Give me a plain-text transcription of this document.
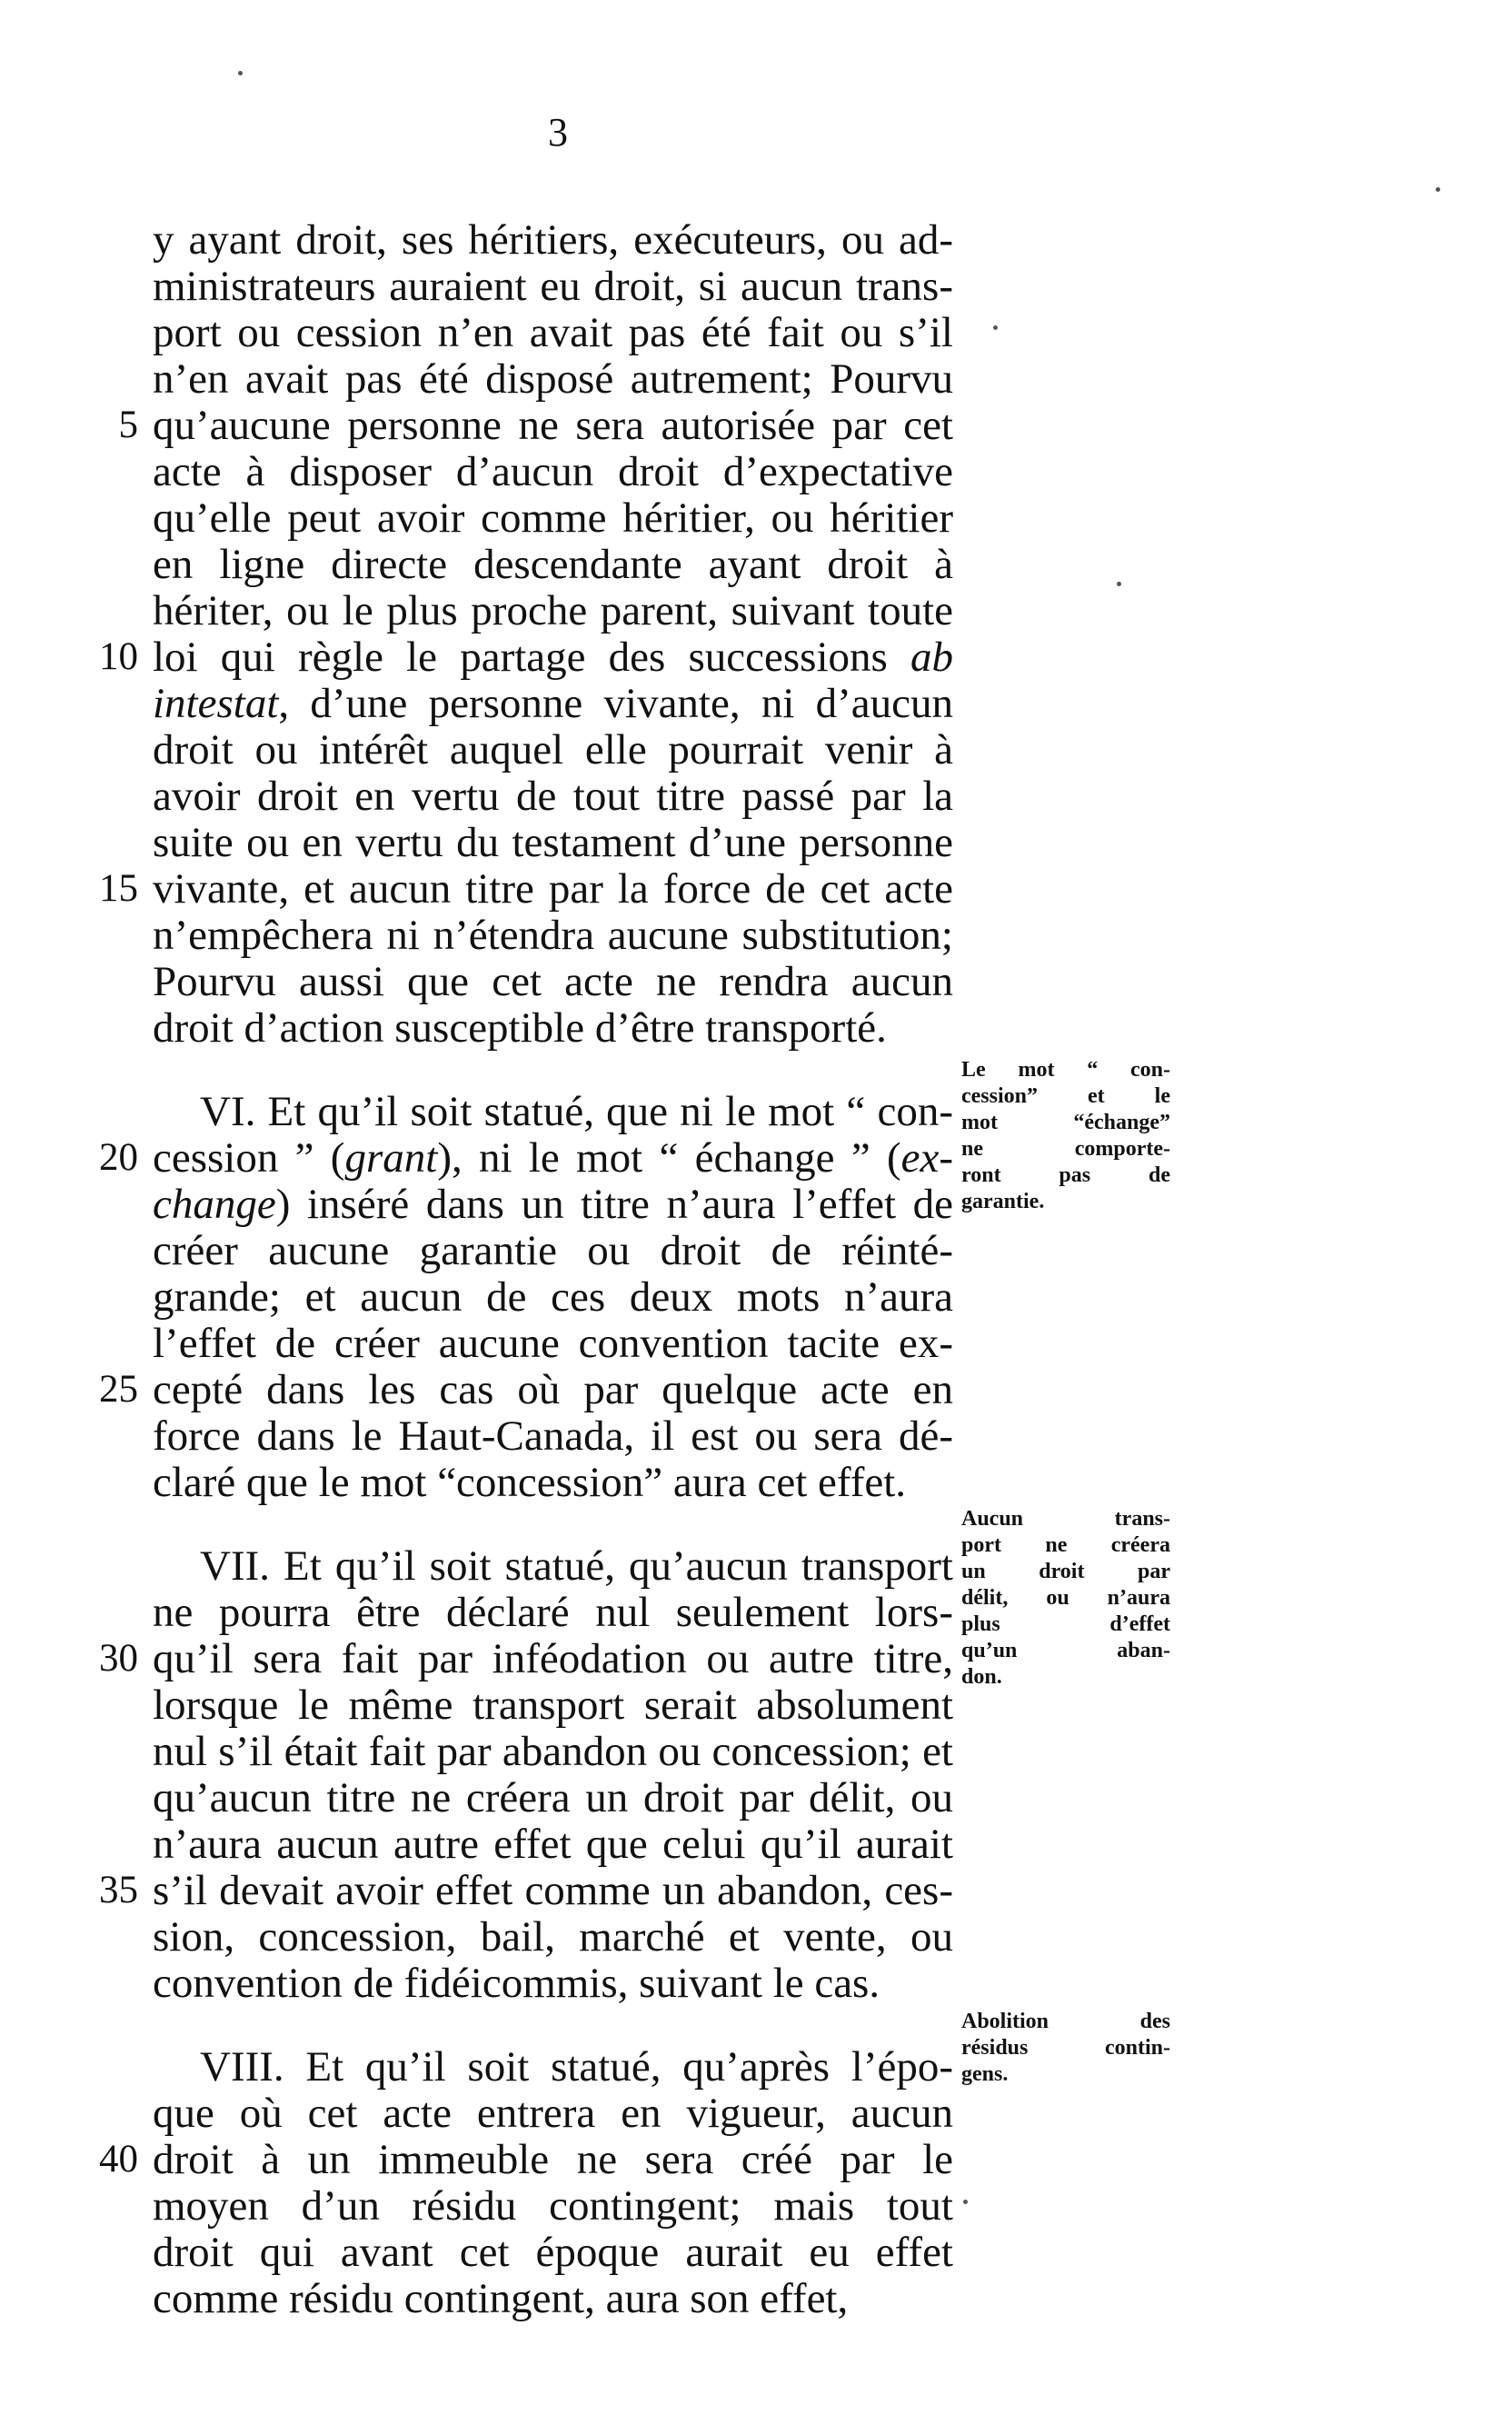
3
y ayant droit, ses héritiers, exécuteurs, ou ad-
ministrateurs auraient eu droit, si aucun trans-
port ou cession n’en avait pas été fait ou s’il
n’en avait pas été disposé autrement; Pourvu
qu’aucune personne ne sera autorisée par cet
acte à disposer d’aucun droit d’expectative
qu’elle peut avoir comme héritier, ou héritier
en ligne directe descendante ayant droit à
hériter, ou le plus proche parent, suivant toute
loi qui règle le partage des successions ab
intestat, d’une personne vivante, ni d’aucun
droit ou intérêt auquel elle pourrait venir à
avoir droit en vertu de tout titre passé par la
suite ou en vertu du testament d’une personne
vivante, et aucun titre par la force de cet acte
n’empêchera ni n’étendra aucune substitution;
Pourvu aussi que cet acte ne rendra aucun
droit d’action susceptible d’être transporté.
VI. Et qu’il soit statué, que ni le mot “ con-
cession ” (grant), ni le mot “ échange ” (ex-
change) inséré dans un titre n’aura l’effet de
créer aucune garantie ou droit de réinté-
grande; et aucun de ces deux mots n’aura
l’effet de créer aucune convention tacite ex-
cepté dans les cas où par quelque acte en
force dans le Haut-Canada, il est ou sera dé-
claré que le mot “concession” aura cet effet.
VII. Et qu’il soit statué, qu’aucun transport
ne pourra être déclaré nul seulement lors-
qu’il sera fait par inféodation ou autre titre,
lorsque le même transport serait absolument
nul s’il était fait par abandon ou concession; et
qu’aucun titre ne créera un droit par délit, ou
n’aura aucun autre effet que celui qu’il aurait
s’il devait avoir effet comme un abandon, ces-
sion, concession, bail, marché et vente, ou
convention de fidéicommis, suivant le cas.
VIII. Et qu’il soit statué, qu’après l’épo-
que où cet acte entrera en vigueur, aucun
droit à un immeuble ne sera créé par le
moyen d’un résidu contingent; mais tout
droit qui avant cet époque aurait eu effet
comme résidu contingent, aura son effet,
5
10
15
20
25
30
35
40
Le mot “ con-
cession” et le
mot “échange”
ne comporte-
ront pas de
garantie.
Aucun trans-
port ne créera
un droit par
délit, ou n’aura
plus d’effet
qu’un aban-
don.
Abolition des
résidus contin-
gens.
